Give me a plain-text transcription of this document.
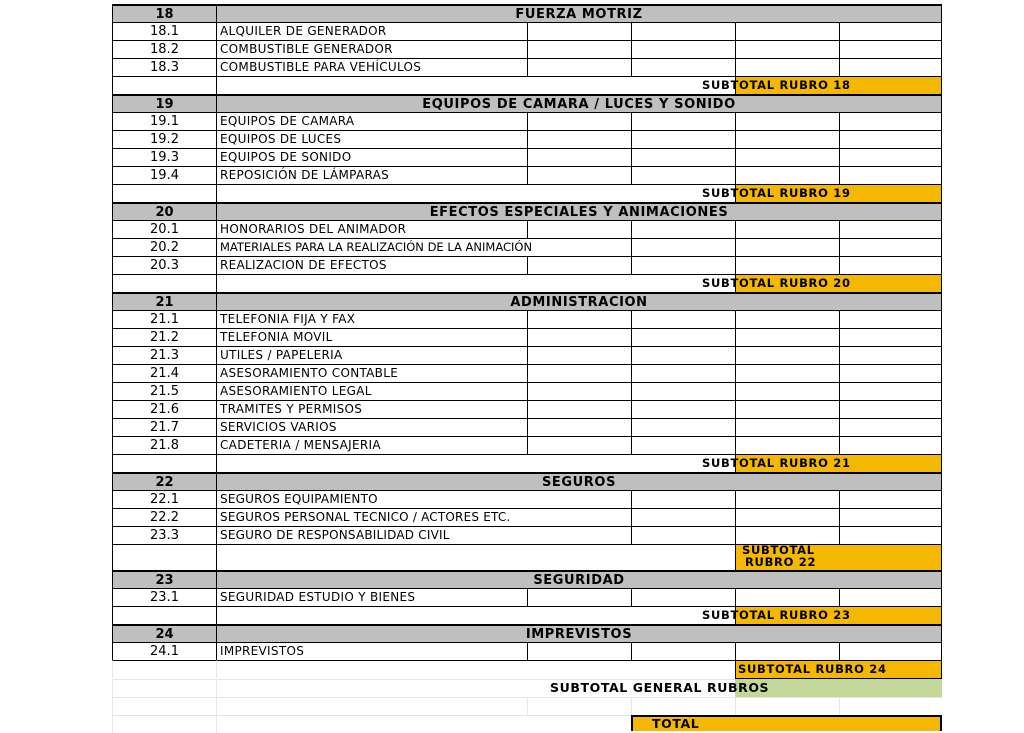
18	FUERZA MOTRIZ
18.1	ALQUILER DE GENERADOR
18.2	COMBUSTIBLE GENERADOR
18.3	COMBUSTIBLE PARA VEHÍCULOS
SUBTOTAL RUBRO 18
19	EQUIPOS DE CAMARA / LUCES Y SONIDO
19.1	EQUIPOS DE CAMARA
19.2	EQUIPOS DE LUCES
19.3	EQUIPOS DE SONIDO
19.4	REPOSICIÓN DE LÁMPARAS
SUBTOTAL RUBRO 19
20	EFECTOS ESPECIALES Y ANIMACIONES
20.1	HONORARIOS DEL ANIMADOR
20.2	MATERIALES PARA LA REALIZACIÓN DE LA ANIMACIÓN
20.3	REALIZACION DE EFECTOS
SUBTOTAL RUBRO 20
21	ADMINISTRACION
21.1	TELEFONIA FIJA Y FAX
21.2	TELEFONIA MOVIL
21.3	UTILES / PAPELERIA
21.4	ASESORAMIENTO CONTABLE
21.5	ASESORAMIENTO LEGAL
21.6	TRAMITES Y PERMISOS
21.7	SERVICIOS VARIOS
21.8	CADETERIA / MENSAJERIA
SUBTOTAL RUBRO 21
22	SEGUROS
22.1	SEGUROS EQUIPAMIENTO
22.2	SEGUROS PERSONAL TECNICO / ACTORES ETC.
23.3	SEGURO DE RESPONSABILIDAD CIVIL
SUBTOTAL
RUBRO 22
23	SEGURIDAD
23.1	SEGURIDAD ESTUDIO Y BIENES
SUBTOTAL RUBRO 23
24	IMPREVISTOS
24.1	IMPREVISTOS
SUBTOTAL RUBRO 24
SUBTOTAL GENERAL RUBROS
TOTAL
